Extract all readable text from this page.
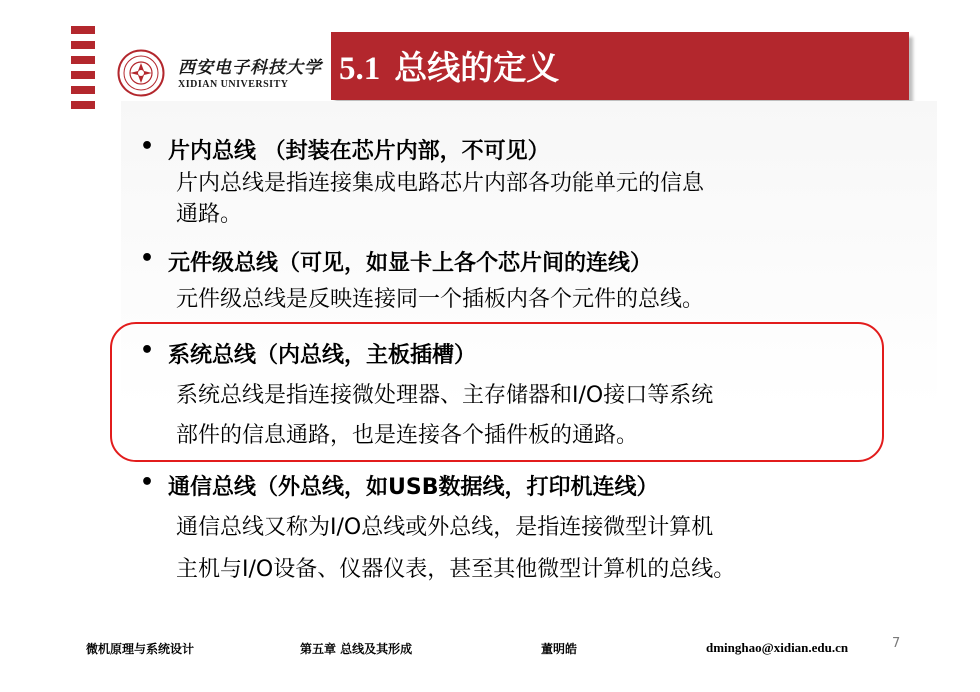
西安电子科技大学
XIDIAN UNIVERSITY 5.1 总线的定义
• 片内总线 （封装在芯片内部，不可见）
片内总线是指连接集成电路芯片内部各功能单元的信息
通路。
• 元件级总线（可见，如显卡上各个芯片间的连线）
元件级总线是反映连接同一个插板内各个元件的总线。
• 系统总线（内总线，主板插槽）
系统总线是指连接微处理器、主存储器和I/O接口等系统
部件的信息通路，也是连接各个插件板的通路。
• 通信总线（外总线，如USB数据线，打印机连线）
通信总线又称为I/O总线或外总线，是指连接微型计算机
主机与I/O设备、仪器仪表，甚至其他微型计算机的总线。
微机原理与系统设计	第五章 总线及其形成	董明皓	dminghao@xidian.edu.cn	7
